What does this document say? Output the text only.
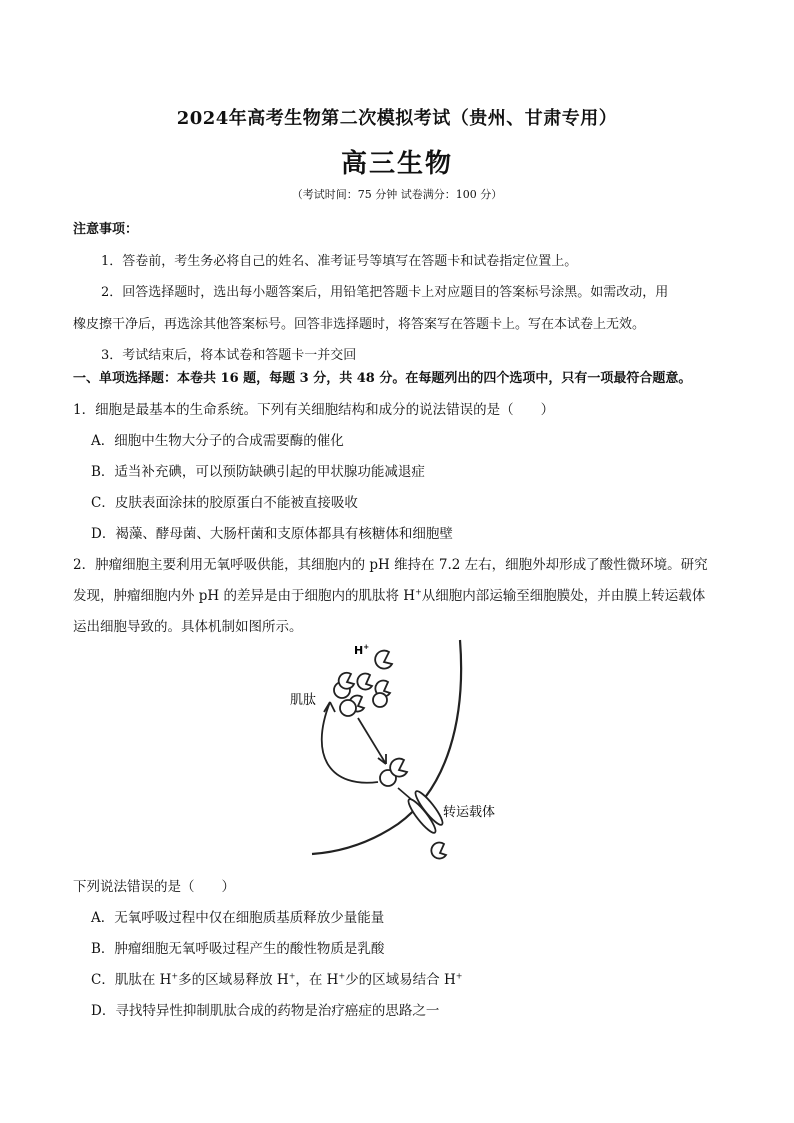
2024年高考生物第二次模拟考试（贵州、甘肃专用）
高三生物
（考试时间：75 分钟 试卷满分：100 分）
注意事项：
1．答卷前，考生务必将自己的姓名、准考证号等填写在答题卡和试卷指定位置上。
2．回答选择题时，选出每小题答案后，用铅笔把答题卡上对应题目的答案标号涂黑。如需改动，用
橡皮擦干净后，再选涂其他答案标号。回答非选择题时，将答案写在答题卡上。写在本试卷上无效。
3．考试结束后，将本试卷和答题卡一并交回
一、单项选择题：本卷共 16 题，每题 3 分，共 48 分。在每题列出的四个选项中，只有一项最符合题意。
1．细胞是最基本的生命系统。下列有关细胞结构和成分的说法错误的是（　　）
A．细胞中生物大分子的合成需要酶的催化
B．适当补充碘，可以预防缺碘引起的甲状腺功能减退症
C．皮肤表面涂抹的胶原蛋白不能被直接吸收
D．褐藻、酵母菌、大肠杆菌和支原体都具有核糖体和细胞壁
2．肿瘤细胞主要利用无氧呼吸供能，其细胞内的 pH 维持在 7.2 左右，细胞外却形成了酸性微环境。研究
发现，肿瘤细胞内外 pH 的差异是由于细胞内的肌肽将 H+从细胞内部运输至细胞膜处，并由膜上转运载体
运出细胞导致的。具体机制如图所示。
H+
肌肽
转运载体
下列说法错误的是（　　）
A．无氧呼吸过程中仅在细胞质基质释放少量能量
B．肿瘤细胞无氧呼吸过程产生的酸性物质是乳酸
C．肌肽在 H+多的区域易释放 H+，在 H+少的区域易结合 H+
D．寻找特异性抑制肌肽合成的药物是治疗癌症的思路之一
